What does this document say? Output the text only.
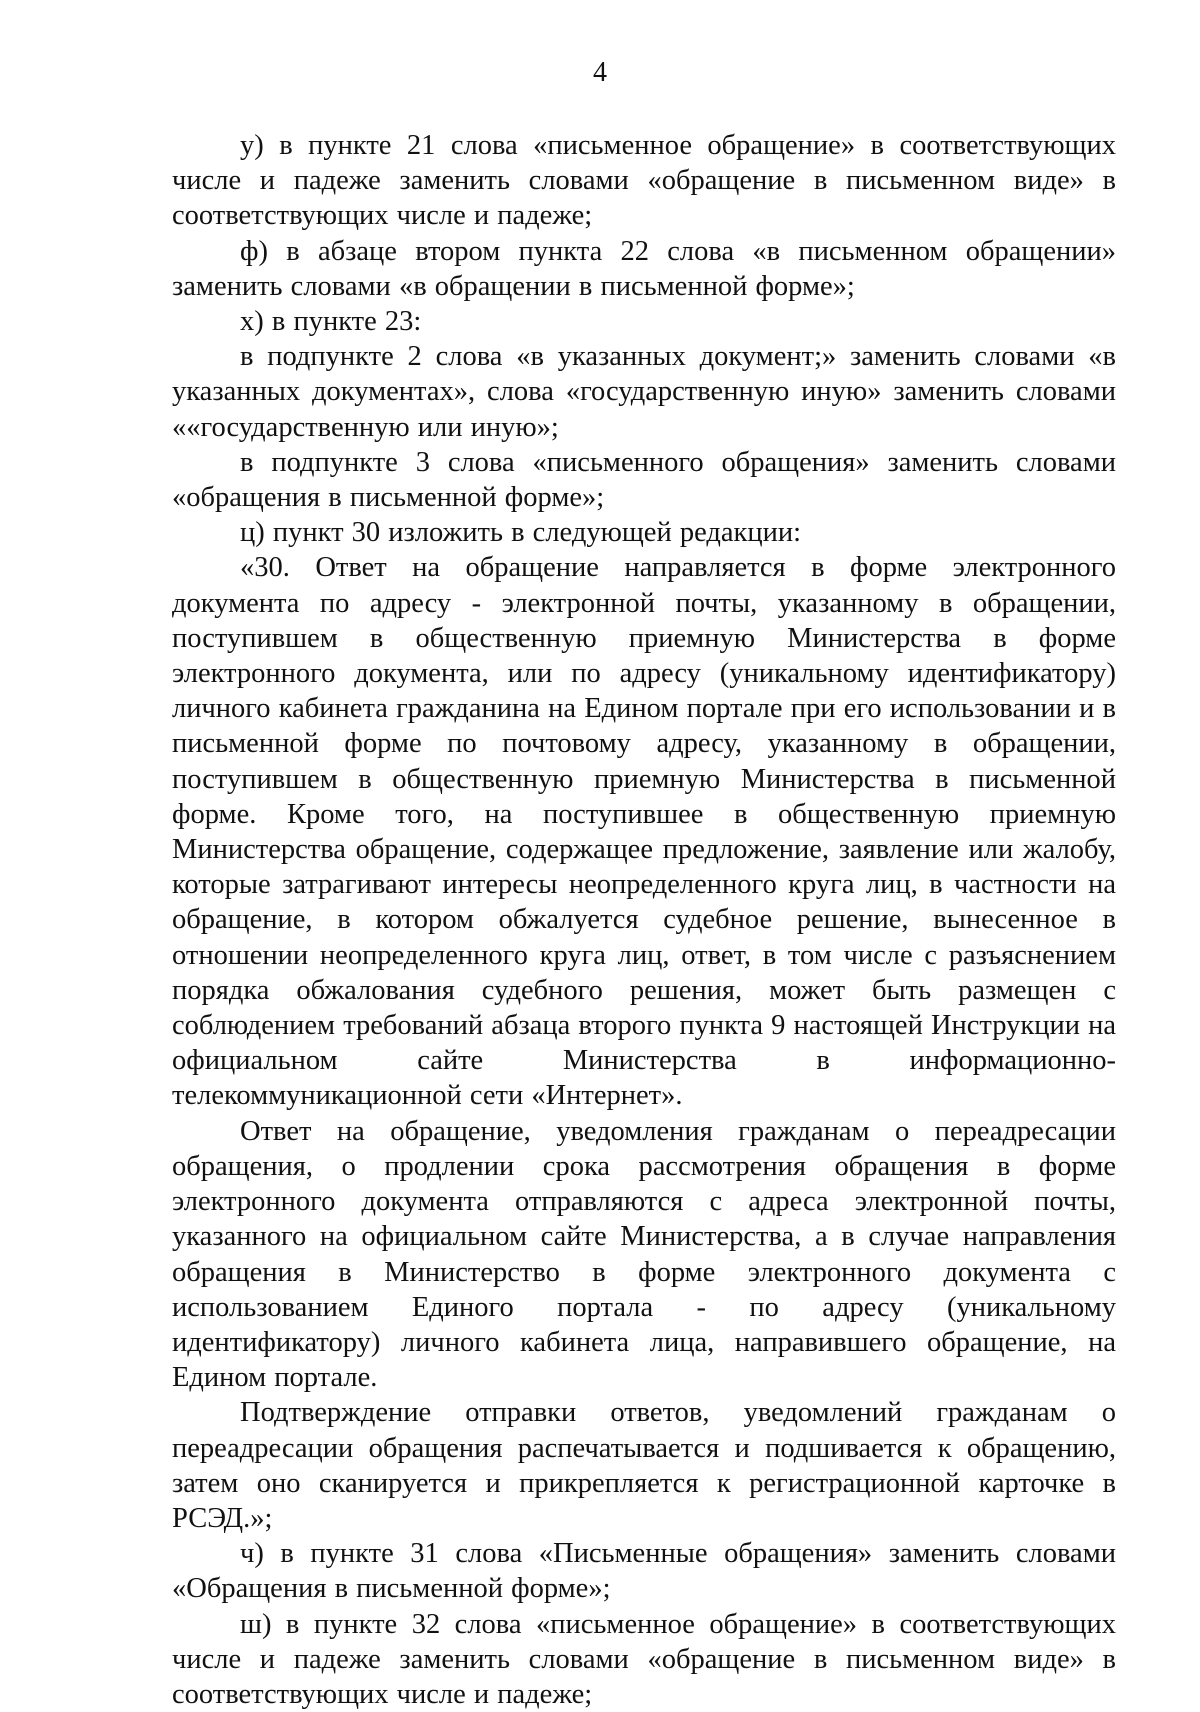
4

у) в пункте 21 слова «письменное обращение» в соответствующих числе и падеже заменить словами «обращение в письменном виде» в соответствующих числе и падеже;

ф) в абзаце втором пункта 22 слова «в письменном обращении» заменить словами «в обращении в письменной форме»;

х) в пункте 23:

в подпункте 2 слова «в указанных документ;» заменить словами «в указанных документах», слова «государственную иную» заменить словами ««государственную или иную»;

в подпункте 3 слова «письменного обращения» заменить словами «обращения в письменной форме»;

ц) пункт 30 изложить в следующей редакции:

«30. Ответ на обращение направляется в форме электронного документа по адресу - электронной почты, указанному в обращении, поступившем в общественную приемную Министерства в форме электронного документа, или по адресу (уникальному идентификатору) личного кабинета гражданина на Едином портале при его использовании и в письменной форме по почтовому адресу, указанному в обращении, поступившем в общественную приемную Министерства в письменной форме. Кроме того, на поступившее в общественную приемную Министерства обращение, содержащее предложение, заявление или жалобу, которые затрагивают интересы неопределенного круга лиц, в частности на обращение, в котором обжалуется судебное решение, вынесенное в отношении неопределенного круга лиц, ответ, в том числе с разъяснением порядка обжалования судебного решения, может быть размещен с соблюдением требований абзаца второго пункта 9 настоящей Инструкции на официальном сайте Министерства в информационно-телекоммуникационной сети «Интернет».

Ответ на обращение, уведомления гражданам о переадресации обращения, о продлении срока рассмотрения обращения в форме электронного документа отправляются с адреса электронной почты, указанного на официальном сайте Министерства, а в случае направления обращения в Министерство в форме электронного документа с использованием Единого портала - по адресу (уникальному идентификатору) личного кабинета лица, направившего обращение, на Едином портале.

Подтверждение отправки ответов, уведомлений гражданам о переадресации обращения распечатывается и подшивается к обращению, затем оно сканируется и прикрепляется к регистрационной карточке в РСЭД.»;

ч) в пункте 31 слова «Письменные обращения» заменить словами «Обращения в письменной форме»;

ш) в пункте 32 слова «письменное обращение» в соответствующих числе и падеже заменить словами «обращение в письменном виде» в соответствующих числе и падеже;
